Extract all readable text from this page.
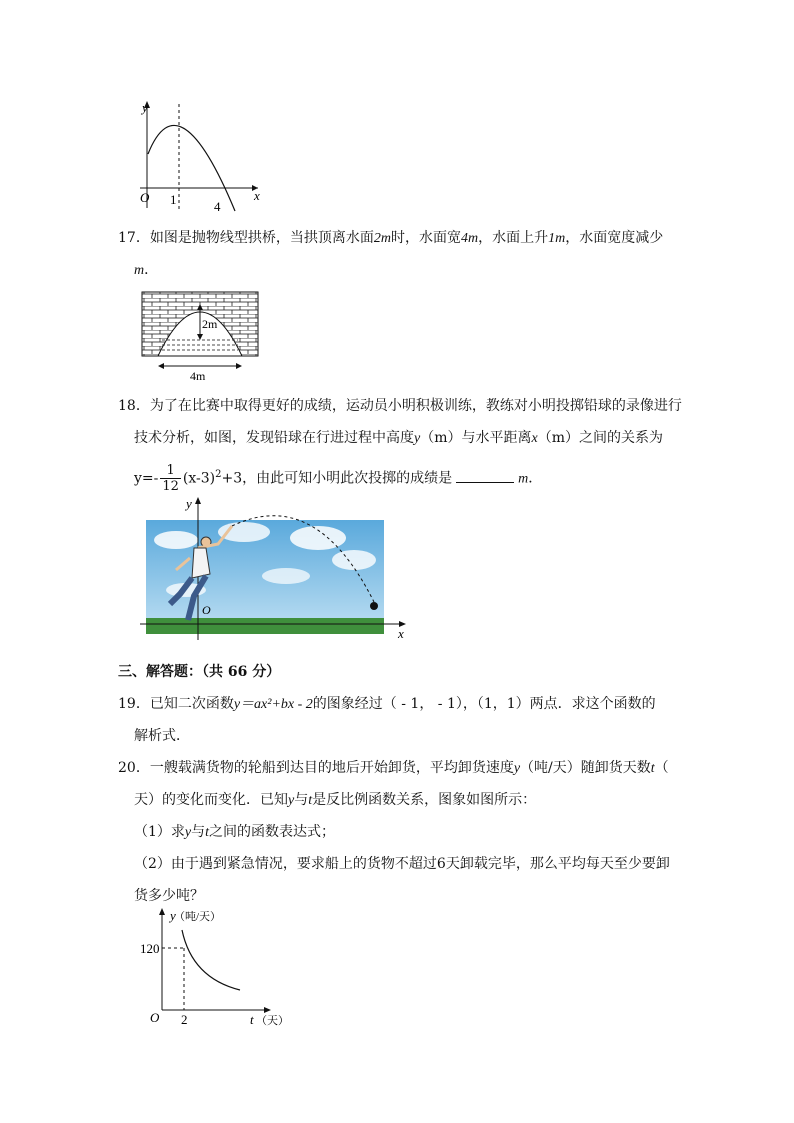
y
x
O 1	4
17．如图是抛物线型拱桥，当拱顶离水面2m时，水面宽4m，水面上升1m，水面宽度减少
m．
2m
4m
18．为了在比赛中取得更好的成绩，运动员小明积极训练，教练对小明投掷铅球的录像进行
技术分析，如图，发现铅球在行进过程中高度y（m）与水平距离x（m）之间的关系为
$y=- \frac{1}{12} (x-3)^2+3$，由此可知小明此次投掷的成绩是	m．
y
x
O
三、解答题：（共 66 分）
19．已知二次函数y＝ax²+bx - 2的图象经过（ - 1， - 1），（1，1）两点．求这个函数的
解析式．
20．一艘载满货物的轮船到达目的地后开始卸货，平均卸货速度y（吨/天）随卸货天数t（
天）的变化而变化．已知y与t是反比例函数关系，图象如图所示：
（1）求y与t之间的函数表达式；
（2）由于遇到紧急情况，要求船上的货物不超过6天卸载完毕，那么平均每天至少要卸
货多少吨？
y
（吨/天）
120
O 2	t （天）
